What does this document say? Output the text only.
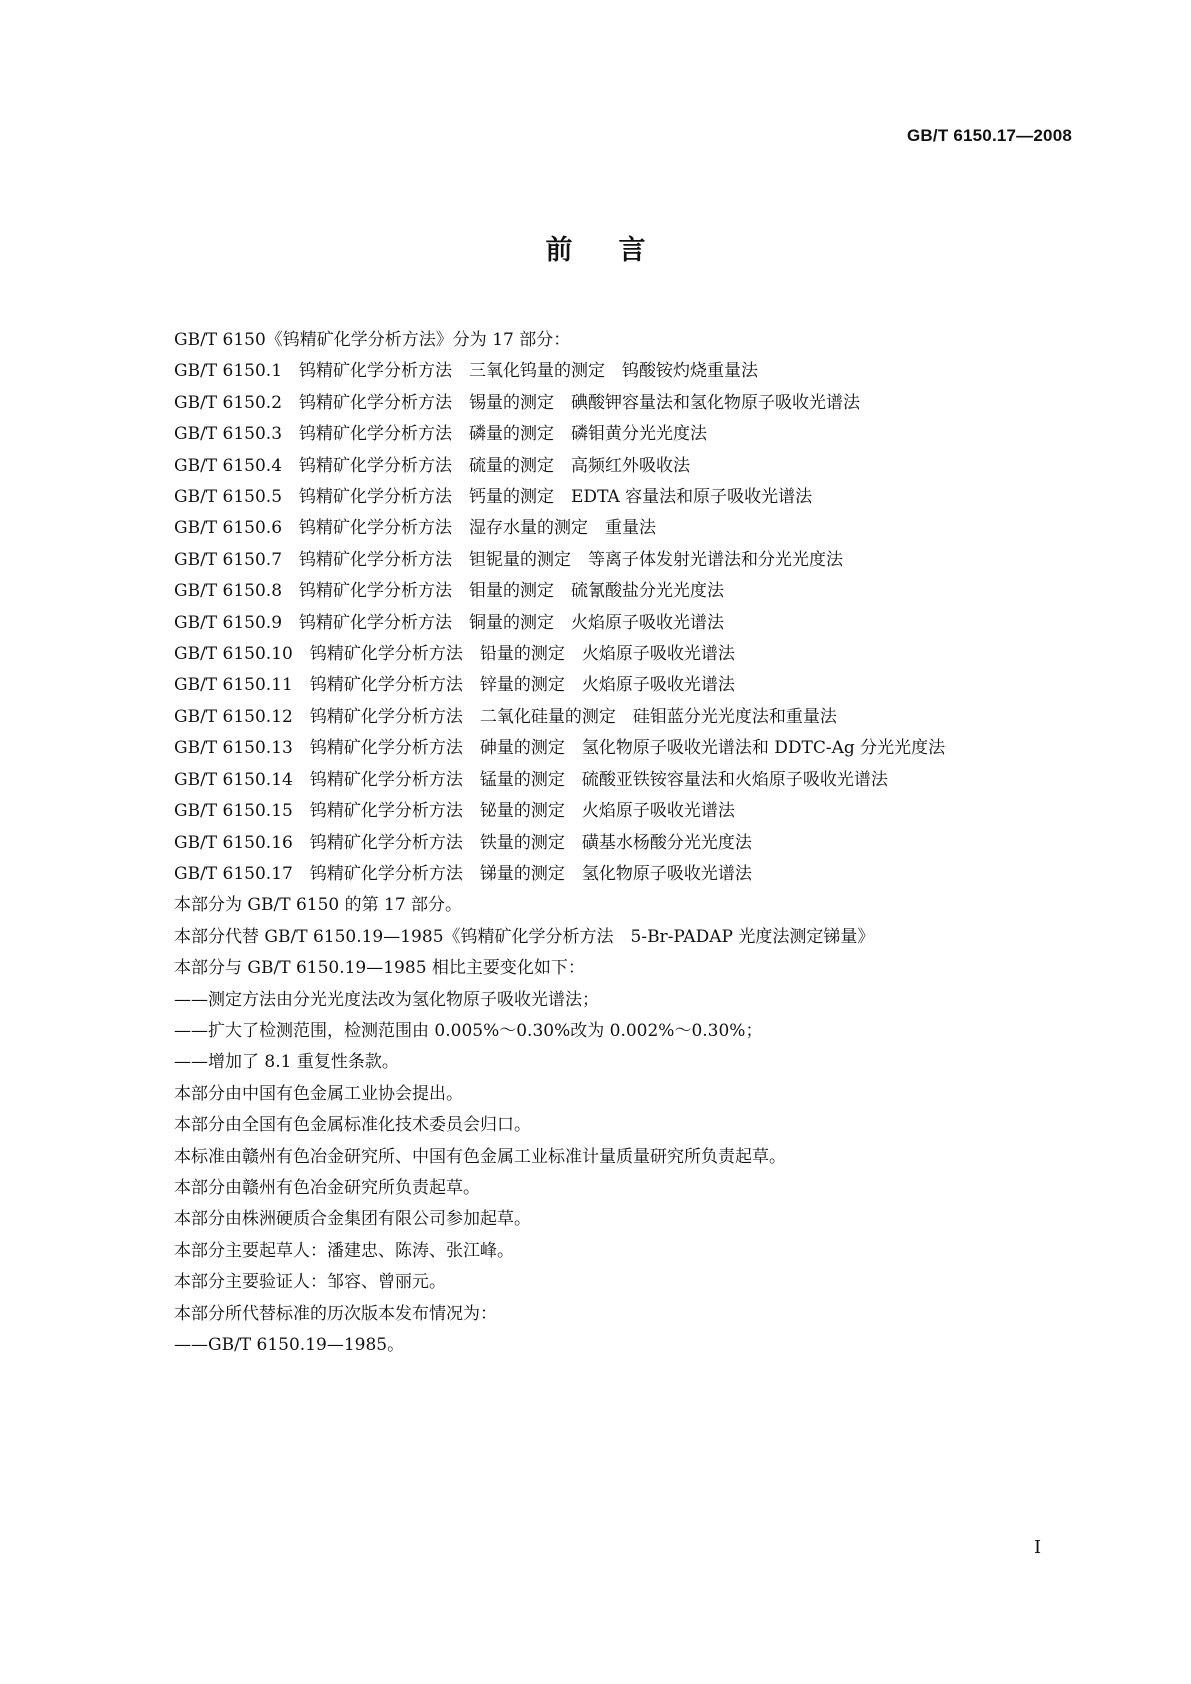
GB/T 6150.17—2008
前言

GB/T 6150《钨精矿化学分析方法》分为 17 部分：

GB/T 6150.1　钨精矿化学分析方法　三氧化钨量的测定　钨酸铵灼烧重量法

GB/T 6150.2　钨精矿化学分析方法　锡量的测定　碘酸钾容量法和氢化物原子吸收光谱法

GB/T 6150.3　钨精矿化学分析方法　磷量的测定　磷钼黄分光光度法

GB/T 6150.4　钨精矿化学分析方法　硫量的测定　高频红外吸收法

GB/T 6150.5　钨精矿化学分析方法　钙量的测定　EDTA 容量法和原子吸收光谱法

GB/T 6150.6　钨精矿化学分析方法　湿存水量的测定　重量法

GB/T 6150.7　钨精矿化学分析方法　钽铌量的测定　等离子体发射光谱法和分光光度法

GB/T 6150.8　钨精矿化学分析方法　钼量的测定　硫氰酸盐分光光度法

GB/T 6150.9　钨精矿化学分析方法　铜量的测定　火焰原子吸收光谱法

GB/T 6150.10　钨精矿化学分析方法　铅量的测定　火焰原子吸收光谱法

GB/T 6150.11　钨精矿化学分析方法　锌量的测定　火焰原子吸收光谱法

GB/T 6150.12　钨精矿化学分析方法　二氧化硅量的测定　硅钼蓝分光光度法和重量法

GB/T 6150.13　钨精矿化学分析方法　砷量的测定　氢化物原子吸收光谱法和 DDTC-Ag 分光光度法

GB/T 6150.14　钨精矿化学分析方法　锰量的测定　硫酸亚铁铵容量法和火焰原子吸收光谱法

GB/T 6150.15　钨精矿化学分析方法　铋量的测定　火焰原子吸收光谱法

GB/T 6150.16　钨精矿化学分析方法　铁量的测定　磺基水杨酸分光光度法

GB/T 6150.17　钨精矿化学分析方法　锑量的测定　氢化物原子吸收光谱法

本部分为 GB/T 6150 的第 17 部分。

本部分代替 GB/T 6150.19—1985《钨精矿化学分析方法　5-Br-PADAP 光度法测定锑量》

本部分与 GB/T 6150.19—1985 相比主要变化如下：

——测定方法由分光光度法改为氢化物原子吸收光谱法；

——扩大了检测范围，检测范围由 0.005%～0.30%改为 0.002%～0.30%；

——增加了 8.1 重复性条款。

本部分由中国有色金属工业协会提出。

本部分由全国有色金属标准化技术委员会归口。

本标准由赣州有色冶金研究所、中国有色金属工业标准计量质量研究所负责起草。

本部分由赣州有色冶金研究所负责起草。

本部分由株洲硬质合金集团有限公司参加起草。

本部分主要起草人：潘建忠、陈涛、张江峰。

本部分主要验证人：邹容、曾丽元。

本部分所代替标准的历次版本发布情况为：

——GB/T 6150.19—1985。

I
